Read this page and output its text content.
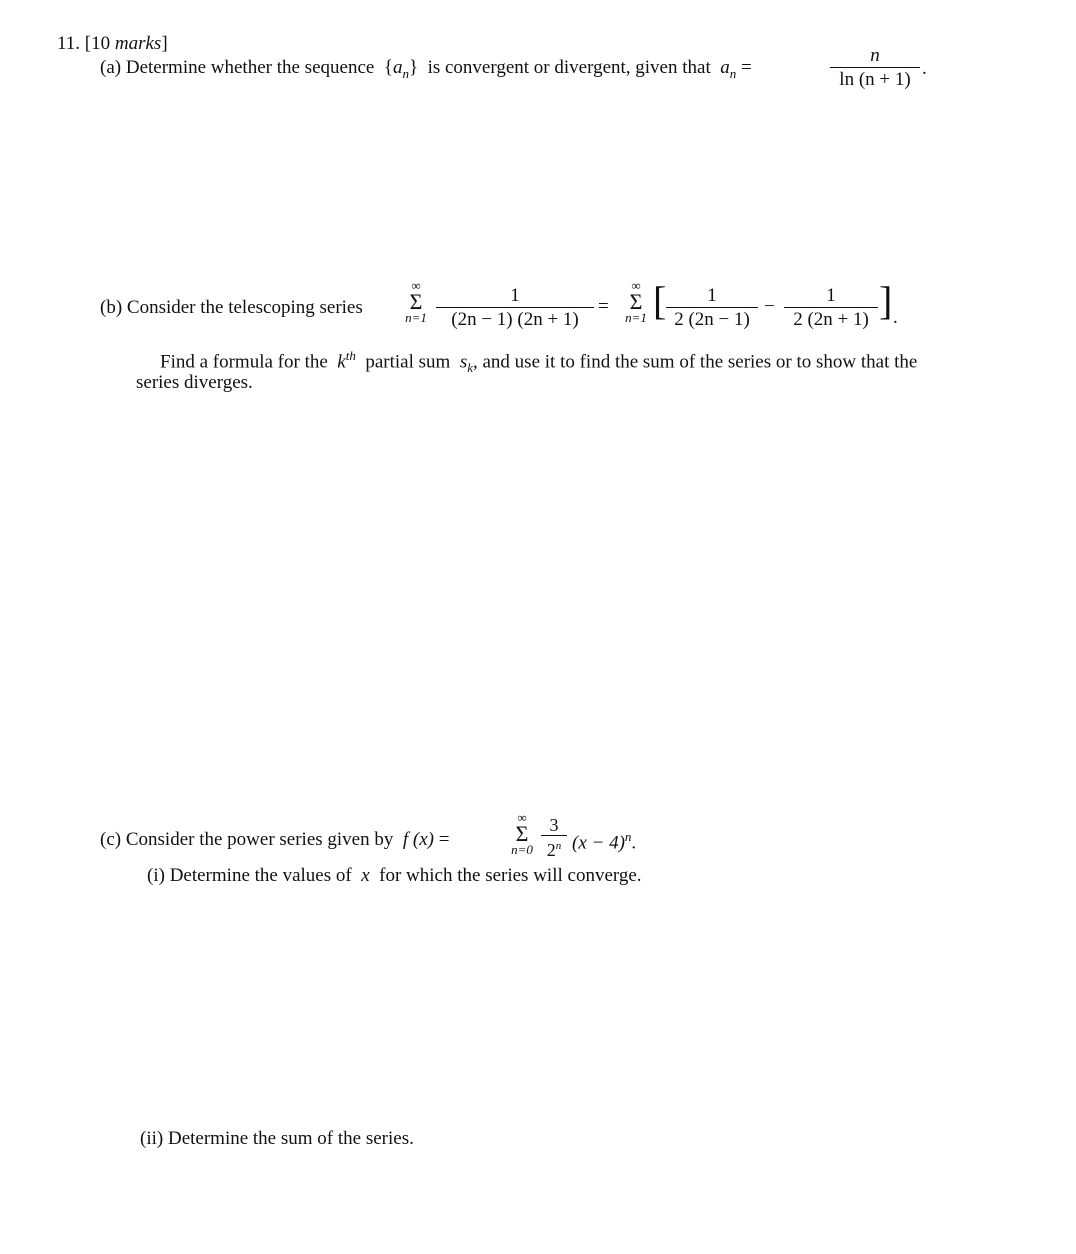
11. [10 marks]
(a) Determine whether the sequence $\{a_n\}$ is convergent or divergent, given that $a_n$ =
n
ln (n + 1)
.
(b) Consider the telescoping series
∞
Σ
n=1
1
(2n − 1) (2n + 1)
=
∞
Σ
n=1 [	1
2 (2n − 1)
−
1
2 (2n + 1) ] .
Find a formula for the $k^{th}$ partial sum $s_k$, and use it to find the sum of the series or to show that the
series diverges.
(c) Consider the power series given by f (x) =
∞
Σ
n=0
3
2$^n$ $(x - 4)^n$.
(i) Determine the values of x for which the series will converge.
(ii) Determine the sum of the series.
